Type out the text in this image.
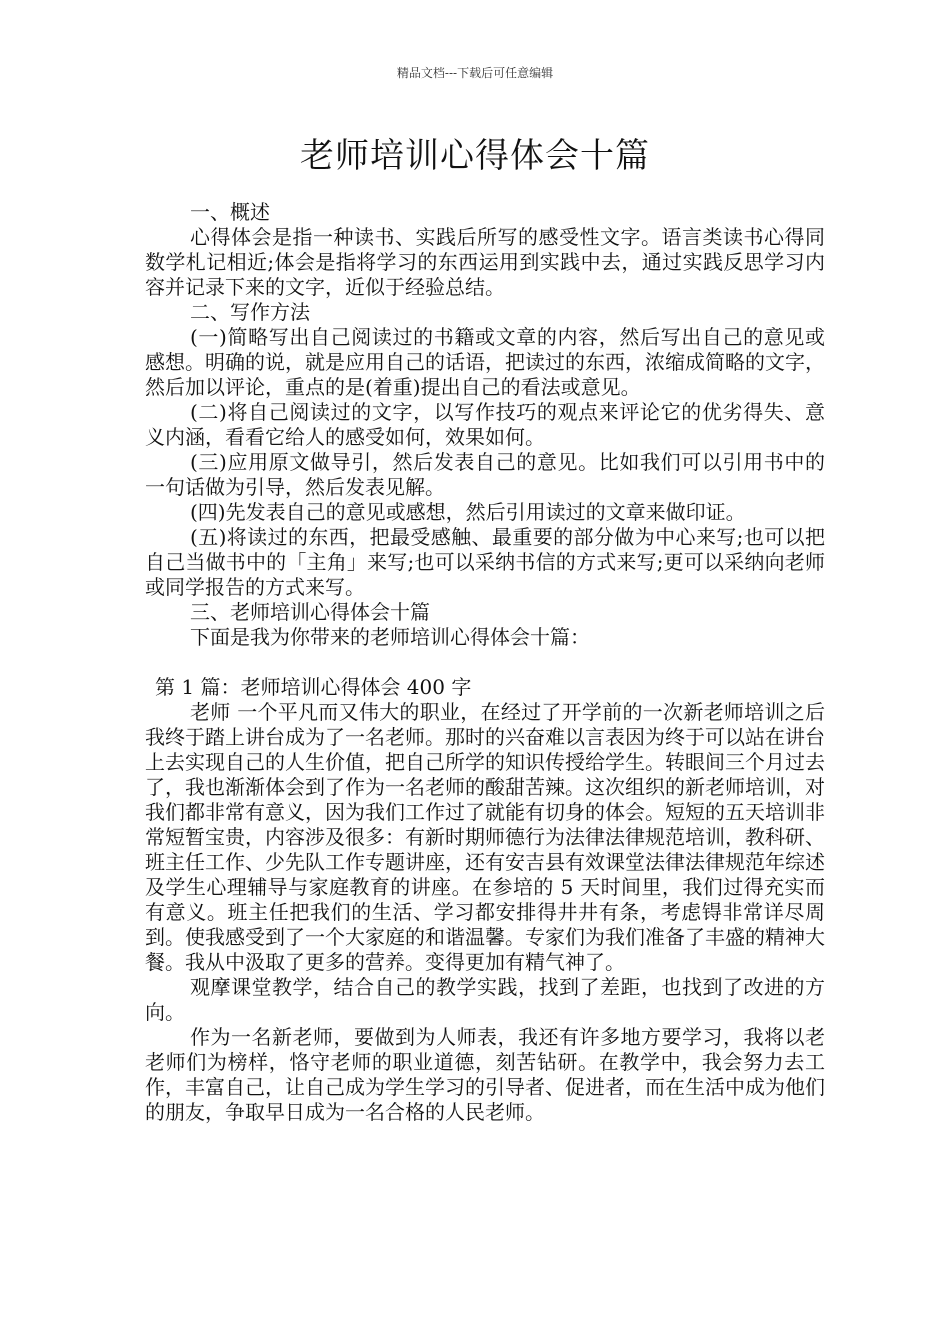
精品文档---下载后可任意编辑
老师培训心得体会十篇

一、概述

心得体会是指一种读书、实践后所写的感受性文字。语言类读书心得同数学札记相近;体会是指将学习的东西运用到实践中去，通过实践反思学习内容并记录下来的文字，近似于经验总结。

二、写作方法

(一)简略写出自己阅读过的书籍或文章的内容，然后写出自己的意见或感想。明确的说，就是应用自己的话语，把读过的东西，浓缩成简略的文字，然后加以评论，重点的是(着重)提出自己的看法或意见。

(二)将自己阅读过的文字，以写作技巧的观点来评论它的优劣得失、意义内涵，看看它给人的感受如何，效果如何。

(三)应用原文做导引，然后发表自己的意见。比如我们可以引用书中的一句话做为引导，然后发表见解。

(四)先发表自己的意见或感想，然后引用读过的文章来做印证。

(五)将读过的东西，把最受感触、最重要的部分做为中心来写;也可以把自己当做书中的「主角」来写;也可以采纳书信的方式来写;更可以采纳向老师或同学报告的方式来写。

三、老师培训心得体会十篇

下面是我为你带来的老师培训心得体会十篇：

第 1 篇：老师培训心得体会 400 字

老师 一个平凡而又伟大的职业，在经过了开学前的一次新老师培训之后我终于踏上讲台成为了一名老师。那时的兴奋难以言表因为终于可以站在讲台上去实现自己的人生价值，把自己所学的知识传授给学生。转眼间三个月过去了，我也渐渐体会到了作为一名老师的酸甜苦辣。这次组织的新老师培训，对我们都非常有意义，因为我们工作过了就能有切身的体会。短短的五天培训非常短暂宝贵，内容涉及很多：有新时期师德行为法律法律规范培训，教科研、班主任工作、少先队工作专题讲座，还有安吉县有效课堂法律法律规范年综述及学生心理辅导与家庭教育的讲座。在参培的 5 天时间里，我们过得充实而有意义。班主任把我们的生活、学习都安排得井井有条，考虑锝非常详尽周到。使我感受到了一个大家庭的和谐温馨。专家们为我们准备了丰盛的精神大餐。我从中汲取了更多的营养。变得更加有精气神了。

观摩课堂教学，结合自己的教学实践，找到了差距，也找到了改进的方向。

作为一名新老师，要做到为人师表，我还有许多地方要学习，我将以老老师们为榜样，恪守老师的职业道德，刻苦钻研。在教学中，我会努力去工作，丰富自己，让自己成为学生学习的引导者、促进者，而在生活中成为他们的朋友，争取早日成为一名合格的人民老师。
